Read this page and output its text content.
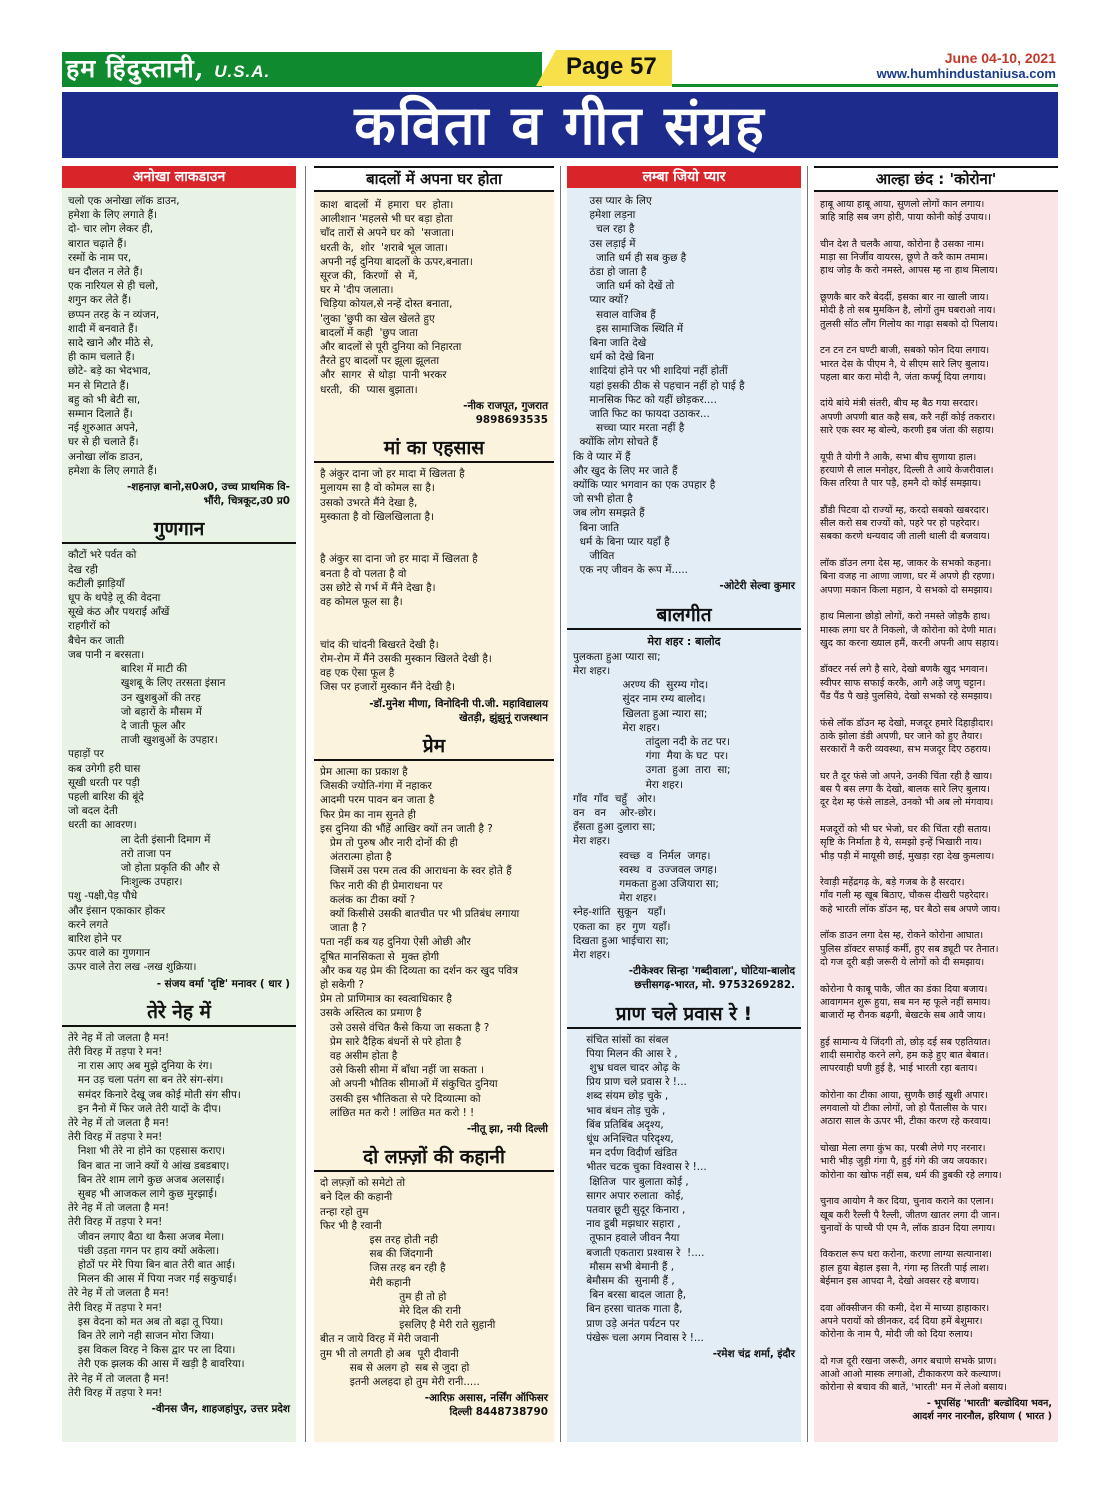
हम हिंदुस्तानी, U.S.A.	Page 57	June 04-10, 2021
www.humhindustaniusa.com
कविता व गीत संग्रह
अनोखा लाकडाउन
चलो एक अनोखा लॉक डाउन,
हमेशा के लिए लगाते हैं।
दो- चार लोग लेकर ही,
बारात चढ़ाते हैं।
रस्मों के नाम पर,
धन दौलत न लेते हैं।
एक नारियल से ही चलो,
शगुन कर लेते हैं।
छप्पन तरह के न व्यंजन,
शादी में बनवाते हैं।
सादे खाने और मीठे से,
ही काम चलाते हैं।
छोटे- बड़े का भेदभाव,
मन से मिटाते हैं।
बहु को भी बेटी सा,
सम्मान दिलाते हैं।
नई शुरुआत अपने,
घर से ही चलाते हैं।
अनोखा लॉक डाउन,
हमेशा के लिए लगाते हैं।
-शहनाज़ बानो,स0अ0, उच्च प्राथमिक वि-
भौंरी, चित्रकूट,उ0 प्र0
गुणगान
कौटों भरे पर्वत को
देख रही
कटीली झाड़ियाँ
धूप के थपेड़े लू की वेदना
सूखे कंठ और पथराई आँखें
राहगीरों को
बैचेन कर जाती
जब पानी न बरसता।
बारिश में माटी की
खुशबू के लिए तरसता इंसान
उन खुशबुओं की तरह
जो बहारों के मौसम में
दे जाती फूल और
ताजी खुशबुओं के उपहार।
पहाड़ों पर
कब उगेगी हरी घास
सूखी धरती पर पड़ी
पहली बारिश की बूंदे
जो बदल देती
धरती का आवरण।
ला देती इंसानी दिमाग में
तरो ताजा पन
जो होता प्रकृति की और से
निःशुल्क उपहार।
पशु -पक्षी,पेड़ पौधे
और इंसान एकाकार होकर
करने लगते
बारिश होने पर
ऊपर वाले का गुणगान
ऊपर वाले तेरा लख -लख शुक्रिया।
- संजय वर्मा 'दृष्टि' मनावर ( धार )
तेरे नेह में
तेरे नेह में तो जलता है मन!
तेरी विरह में तड़पा रे मन!
ना रास आए अब मुझे दुनिया के रंग।
मन उड़ चला पतंग सा बन तेरे संग-संग।
समंदर किनारे देखू जब कोई मोती संग सीप।
इन नैनो में फिर जले तेरी यादों के दीप।
तेरे नेह में तो जलता है मन!
तेरी विरह में तड़पा रे मन!
निशा भी तेरे ना होने का एहसास कराए।
बिन बात ना जाने क्यों ये आंख डबडबाए।
बिन तेरे शाम लागे कुछ अजब अलसाई।
सुबह भी आजकल लागे कुछ मुरझाई।
तेरे नेह में तो जलता है मन!
तेरी विरह में तड़पा रे मन!
जीवन लगाए बैठा था कैसा अजब मेला।
पंछी उड़ता गगन पर हाय क्यों अकेला।
होठों पर मेरे पिया बिन बात तेरी बात आई।
मिलन की आस में पिया नजर गई सकुचाई।
तेरे नेह में तो जलता है मन!
तेरी विरह में तड़पा रे मन!
इस वेदना को मत अब तो बढ़ा तू पिया।
बिन तेरे लागे नही साजन मोरा जिया।
इस विकल विरह ने किस द्वार पर ला दिया।
तेरी एक झलक की आस में खड़ी है बावरिया।
तेरे नेह में तो जलता है मन!
तेरी विरह में तड़पा रे मन!
-वीनस जैन, शाहजहांपुर, उत्तर प्रदेश
बादलों में अपना घर होता
काश  बादलों  में  हमारा  घर  होता।
आलीशान 'महलसे भी घर बड़ा होता
चाँद तारों से अपने घर को  'सजाता।
धरती के,  शोर  'शराबे भूल जाता।
अपनी नई दुनिया बादलों के ऊपर,बनाता।
सूरज की,  किरणों  से  में,
घर मे 'दीप जलाता।
चिड़िया कोयल,से नन्हें दोस्त बनाता,
'लुका 'छुपी का खेल खेलते हुए
बादलों में कही  'छुप जाता
और बादलों से पूरी दुनिया को निहारता
तैरते हुए बादलों पर झूला झूलता
और  सागर  से थोड़ा  पानी भरकर
धरती,  की  प्यास बुझाता।
-नीक राजपूत, गुजरात
9898693535
मां का एहसास
है अंकुर दाना जो हर मादा में खिलता है
मुलायम सा है वो कोमल सा है।
उसको उभरते मैंने देखा है,
मुस्काता है वो खिलखिलाता है।

है अंकुर सा दाना जो हर मादा में खिलता है
बनता है वो पलता है वो
उस छोटे से गर्भ में मैंने देखा है।
वह कोमल फूल सा है।

चांद की चांदनी बिखरते देखी है।
रोम-रोम में मैंने उसकी मुस्कान खिलते देखी है।
वह एक ऐसा फूल है
जिस पर हजारों मुस्कान मैंने देखी है।
-डॉ.मुनेश मीणा, विनोदिनी पी.जी. महाविद्यालय
खेतड़ी, झुंझुनूं राजस्थान
प्रेम
प्रेम आत्मा का प्रकाश है
जिसकी ज्योति-गंगा में नहाकर
आदमी परम पावन बन जाता है
फिर प्रेम का नाम सुनते ही
इस दुनिया की भौंहें आखिर क्यों तन जाती है ?
प्रेम तो पुरुष और नारी दोनों की ही
अंतरात्मा होता है
जिसमें उस परम तत्व की आराधना के स्वर होते हैं
फिर नारी की ही प्रेमाराधना पर
कलंक का टीका क्यों ?
क्यों किसीसे उसकी बातचीत पर भी प्रतिबंध लगाया
जाता है ?
पता नहीं कब यह दुनिया ऐसी ओछी और
दूषित मानसिकता से  मुक्त होगी
और कब यह प्रेम की दिव्यता का दर्शन कर खुद पवित्र
हो सकेगी ?
प्रेम तो प्राणिमात्र का स्वत्वाधिकार है
उसके अस्तित्व का प्रमाण है
उसे उससे वंचित कैसे किया जा सकता है ?
प्रेम सारे दैहिक बंधनों से परे होता है
वह असीम होता है
उसे किसी सीमा में बाँधा नहीं जा सकता ।
ओ अपनी भौतिक सीमाओं में संकुचित दुनिया
उसकी इस भौतिकता से परे दिव्यात्मा को
लांछित मत करो ! लांछित मत करो ! !
-नीतू झा, नयी दिल्ली
दो लफ़्ज़ों की कहानी
दो लफ़्ज़ों को समेटो तो
बने दिल की कहानी
तन्हा रहो तुम
फिर भी है रवानी
इस तरह होती नही
सब की जिंदगानी
जिस तरह बन रही है
मेरी कहानी
तुम ही तो हो
मेरे दिल की रानी
इसलिए है मेरी राते सुहानी
बीत न जाये विरह में मेरी जवानी
तुम भी तो लगती हो अब  पूरी दीवानी
सब से अलग हो  सब से जुदा हो
इतनी अलहदा हो तुम मेरी रानी.....
-आरिफ़ असास, नर्सिंग ऑफिसर
दिल्ली 8448738790
लम्बा जियो प्यार
उस प्यार के लिए
हमेशा लड़ना
चल रहा है
उस लड़ाई में
जाति धर्म ही सब कुछ है
ठंडा हो जाता है
जाति धर्म को देखें तो
प्यार क्यों?
सवाल वाजिब हैं
इस सामाजिक स्थिति में
बिना जाति देखे
धर्म को देखे बिना
शादियां होने पर भी शादियां नहीं होतीं
यहां इसकी ठीक से पहचान नहीं हो पाई है
मानसिक फिट को यहीं छोड़कर....
जाति फिट का फायदा उठाकर...
सच्चा प्यार मरता नहीं है
क्योंकि लोग सोचते हैं
कि वे प्यार में हैं
और खुद के लिए मर जाते हैं
क्योंकि प्यार भगवान का एक उपहार है
जो सभी होता है
जब लोग समझते हैं
बिना जाति
धर्म के बिना प्यार यहाँ है
जीवित
एक नए जीवन के रूप में.....
-ओटेरी सेल्वा कुमार
बालगीत
मेरा शहर : बालोद
पुलकता हुआ प्यारा सा;
मेरा शहर।
अरण्य की  सुरम्य गोद।
सुंदर नाम रम्य बालोद।
खिलता हुआ न्यारा सा;
मेरा शहर।
तांदुला नदी के तट पर।
गंगा  मैया के घट  पर।
उगता  हुआ  तारा  सा;
मेरा शहर।
गाँव  गाँव  चहुँ   ओर।
वन   वन    ओर-छोर।
हँसता हुआ दुलारा सा;
मेरा शहर।
स्वच्छ  व  निर्मल  जगह।
स्वस्थ  व  उज्जवल जगह।
गमकता हुआ उजियारा सा;
मेरा शहर।
स्नेह-शांति  सुकून   यहाँ।
एकता का  हर  गुण  यहाँ।
दिखता हुआ भाईचारा सा;
मेरा शहर।
-टीकेश्वर सिन्हा 'गब्दीवाला', घोटिया-बालोद
छत्तीसगढ़-भारत, मो. 9753269282.
प्राण चले प्रवास रे !
संचित सांसों का संबल
पिया मिलन की आस रे ,
शुभ्र धवल चादर ओढ़ के
प्रिय प्राण चले प्रवास रे !...
शब्द संयम छोड़ चुके ,
भाव बंधन तोड़ चुके ,
बिंब प्रतिबिंब अदृश्य,
धूंध अनिश्चित परिदृश्य,
मन दर्पण विदीर्ण खंडित
भीतर चटक चुका विश्वास रे !...
क्षितिज  पार बुलाता कोई ,
सागर अपार रुलाता  कोई,
पतवार छूटी सुदूर किनारा ,
नाव डूबी मझधार सहारा ,
तूफान हवाले जीवन नैया
बजाती एकतारा प्रश्वास रे  !....
मौसम सभी बेमानी हैं ,
बेमौसम की  सुनामी हैं ,
बिन बरसा बादल जाता है,
बिन हरसा चातक गाता है,
प्राण उड़े अनंत पर्यटन पर
पंखेरू चला अगम निवास रे !...
-रमेश चंद्र शर्मा, इंदौर
आल्हा छंद : 'कोरोना'
हाबू आया हाबू आया, सुणलो लोगों कान लगाय।
त्राहि त्राहि सब जग होरी, पाया कोनी कोई उपाय।।

चीन देश तै चलकै आया, कोरोना है उसका नाम।
माड़ा सा निर्जीव वायरस, छूणे तै करै काम तमाम।
हाथ जोड़ कै करो नमस्ते, आपस म्ह ना हाथ मिलाय।

छूणकै बार करै बेदर्दी, इसका बार ना खाली जाय।
मोदी है तो सब मुमकिन है, लोगों तुम घबराओ नाय।
तुलसी सोंठ लौंग गिलोय का गाढ़ा सबको दो पिलाय।

टन टन टन घण्टी बाजी, सबको फोन दिया लगाय।
भारत देस के पीएम नै, ये सीएम सारे लिए बुलाय।
पहला बार करा मोदी नै, जंता कर्फ्यू दिया लगाय।

दांये बांये मंत्री संतरी, बीच म्ह बैठ गया सरदार।
अपणी अपणी बात कहै सब, करै नहीं कोई तकरार।
सारे एक स्वर म्ह बोल्ये, करणी इब जंता की सहाय।

यूपी तै योगी नै आकै, सभा बीच सुणाया हाल।
हरयाणे सै लाल मनोहर, दिल्ली तै आये केजरीवाल।
किस तरिया तै पार पड़ै, हमनै दो कोई समझाय।

डौंडी पिटवा दो राज्यों म्ह, करदो सबको खबरदार।
सील करो सब राज्यों को, पहरे पर हो पहरेदार।
सबका करणे धन्यवाद जी ताली थाली दी बजवाय।

लॉक डॉउन लगा देस म्ह, जाकर के सभको कहना।
बिना वजह ना आणा जाणा, घर में अपणे ही रहणा।
अपणा मकान किला महान, ये सभको दो समझाय।

हाथ मिलाना छोड़ो लोगों, करो नमस्ते जोड़कै हाथ।
मास्क लगा घर तै निकलो, जै कोरोना को देणी मात।
खुद का करना ख्याल हमैं, करनी अपनी आप सहाय।

डॉक्टर नर्स लगे है सारे, देखो बणकै खुद भगवान।
स्वीपर साफ सफाई करकै, आगै अड़े जणु चट्टान।
पैंड पैंड पै खड़े पुलसिये, देखो सभको रहे समझाय।

फंसे लॉक डॉउन म्ह देखो, मजदूर हमारे दिहाड़ीदार।
ठाके झोला डंडी अपणी, घर जाने को हुए तैयार।
सरकारों नै करी व्यवस्था, सभ मजदूर दिए ठहराय।

घर तै दूर फंसे जो अपने, उनकी चिंता रही है खाय।
बस पै बस लगा कै देखो, बालक सारे लिए बुलाय।
दूर देश म्ह फंसे लाडले, उनको भी अब लो मंगवाय।

मजदूरों को भी घर भेजो, घर की चिंता रही सताय।
सृष्टि के निर्माता है ये, समझो इन्हें भिखारी नाय।
भीड़ पड़ी में मायूसी छाई, मुखड़ा रहा देख कुमलाय।

रेवाड़ी महेंद्रगढ़ के, बड़े गजब के है सरदार।
गाँव गली म्ह खूब बिठाए, चौकस दीखरी पहरेदार।
कहे भारती लॉक डॉउन म्ह, घर बैठो सब अपणे जाय।

लॉक डाउन लगा देस म्ह, रोकने कोरोना आघात।
पुलिस डॉक्टर सफाई कर्मी, हुए सब ड्यूटी पर तैनात।
दो गज दूरी बड़ी जरूरी ये लोगों को दी समझाय।

कोरोना पै काबू पाकै, जीत का डंका दिया बजाय।
आवागमन शुरू हुया, सब मन म्ह फूले नहीं समाय।
बाजारों म्ह रौनक बढ़गी, बेखटके सब आवै जाय।

हुई सामान्य ये जिंदगी तो, छोड़ दई सब एहतियात।
शादी समारोह करने लगे, हम कड़े हुए बात बेबात।
लापरवाही घणी हुई है, भाई भारती रहा बताय।

कोरोना का टीका आया, सुणकै छाई खुशी अपार।
लगवालो यो टीका लोगों, जो हो पैंतालीस के पार।
अठारा साल के ऊपर भी, टीका करण रहे करवाय।

चोखा मेला लगा कुंभ का, परबी लेणे गए नरनार।
भारी भीड़ जुड़ी गंगा पै, हुई गंगे की जय जयकार।
कोरोना का खोफ नहीं सब, धर्म की डुबकी रहे लगाय।

चुनाव आयोग नै कर दिया, चुनाव कराने का एलान।
खूब करी रैल्ली पै रैल्ली, जीतण खातर लगा दी जान।
चुनावों के पाच्चै पी एम नै, लॉक डाउन दिया लगाय।

विकराल रूप धरा करोना, करणा लाग्या सत्यानाश।
हाल हुया बेहाल इसा नै, गंगा म्ह तिरती पाई लाश।
बेईमान इस आपदा नै, देखो अवसर रहे बणाय।

दवा ऑक्सीजन की कमी, देश में माच्या हाहाकार।
अपने परायों को छीनकर, दर्द दिया हमें बेशुमार।
कोरोना के नाम पै, मोदी जी को दिया रुलाय।

दो गज दूरी रखना जरूरी, अगर बचाणे सभके प्राण।
आओ आओ मास्क लगाओ, टीकाकरण करे कल्याण।
कोरोना से बचाव की बातें, 'भारती' मन में लेओ बसाय।
- भूपसिंह 'भारती' बल्डोदिया भवन,
आदर्श नगर नारनौल, हरियाण ( भारत )
